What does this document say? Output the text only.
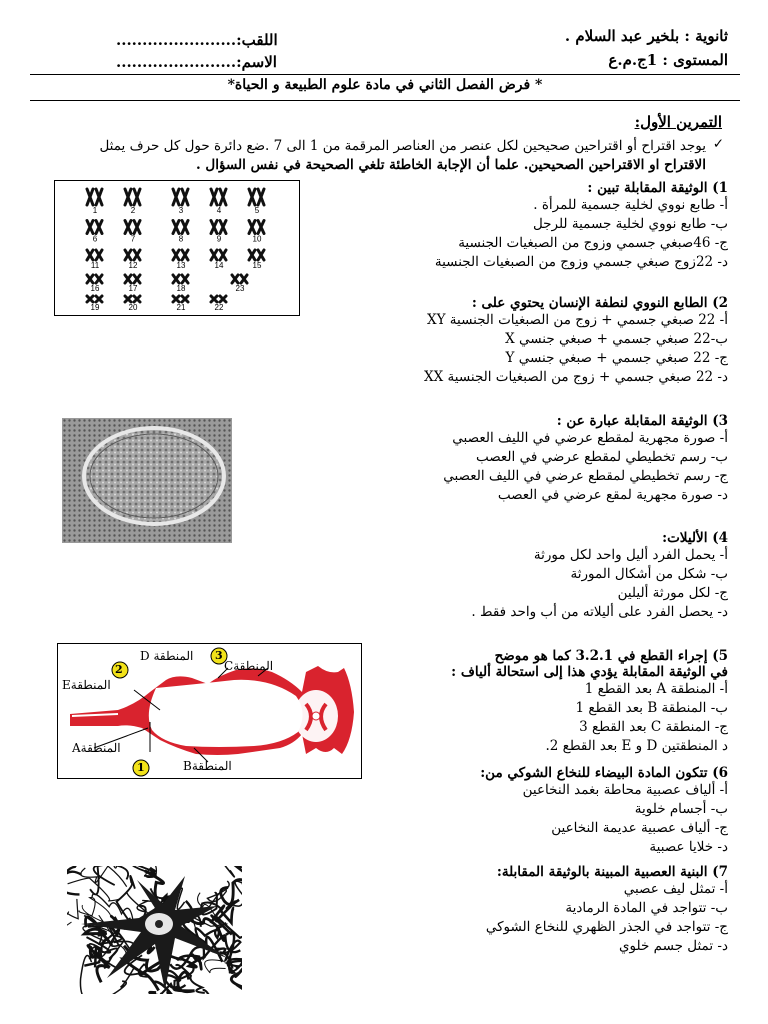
ثانوية : بلخير عبد السلام .
المستوى : 1ج.م.ع
اللقب:.......................
الاسم:.......................
* فرض الفصل الثاني في مادة علوم الطبيعة و الحياة*
التمرين الأول:
✓
يوجد اقتراح أو اقتراحين صحيحين لكل عنصر من العناصر المرقمة من 1 الى 7 .ضع دائرة حول كل حرف يمثل
الاقتراح او الاقتراحين الصحيحين. علما أن الإجابة الخاطئة تلغي الصحيحة في نفس السؤال .
1) الوثيقة المقابلة تبين :
أ- طابع نووي لخلية جسمية للمرأة .
ب- طابع نووي لخلية جسمية للرجل
ج- 46صبغي جسمي وزوج من الصبغيات الجنسية
د- 22زوج صبغي جسمي وزوج من الصبغيات الجنسية
1	2	3	4	5
6	7	8	9	10
11	12	13	14	15
16	17	18	23
19	20	21	22	2) الطابع النووي لنطفة الإنسان يحتوي على :
أ- 22 صبغي جسمي + زوج من الصبغيات الجنسية XY
ب-22 صبغي جسمي + صبغي جنسي X
ج- 22 صبغي جسمي + صبغي جنسي Y
د- 22 صبغي جسمي + زوج من الصبغيات الجنسية XX
3) الوثيقة المقابلة عبارة عن :
أ- صورة مجهرية لمقطع عرضي في الليف العصبي
ب- رسم تخطيطي لمقطع عرضي في العصب
ج- رسم تخطيطي لمقطع عرضي في الليف العصبي
د- صورة مجهرية لمقع عرضي في العصب
4) الأليلات:
أ- يحمل الفرد أليل واحد لكل مورثة
ب- شكل من أشكال المورثة
ج- لكل مورثة أليلين
د- يحصل الفرد على أليلاته من أب واحد فقط .
5) إجراء القطع في 3.2.1 كما هو موضح
في الوثيقة المقابلة يؤدي هذا إلى استحالة ألياف :
أ- المنطقة A بعد القطع 1
ب- المنطقة B بعد القطع 1
ج- المنطقة C بعد القطع 3
د المنطقتين D و E بعد القطع 2.
2
3
1
المنطقة D
المنطقةC
المنطقةE
المنطقةA
المنطقةB	6) تتكون المادة البيضاء للنخاع الشوكي من:
أ- ألياف عصبية محاطة بغمد النخاعين
ب- أجسام خلوية
ج- ألياف عصبية عديمة النخاعين
د- خلايا عصبية
7) البنية العصبية المبينة بالوثيقة المقابلة:
أ- تمثل ليف عصبي
ب- تتواجد في المادة الرمادية
ج- تتواجد في الجذر الظهري للنخاع الشوكي
د- تمثل جسم خلوي
